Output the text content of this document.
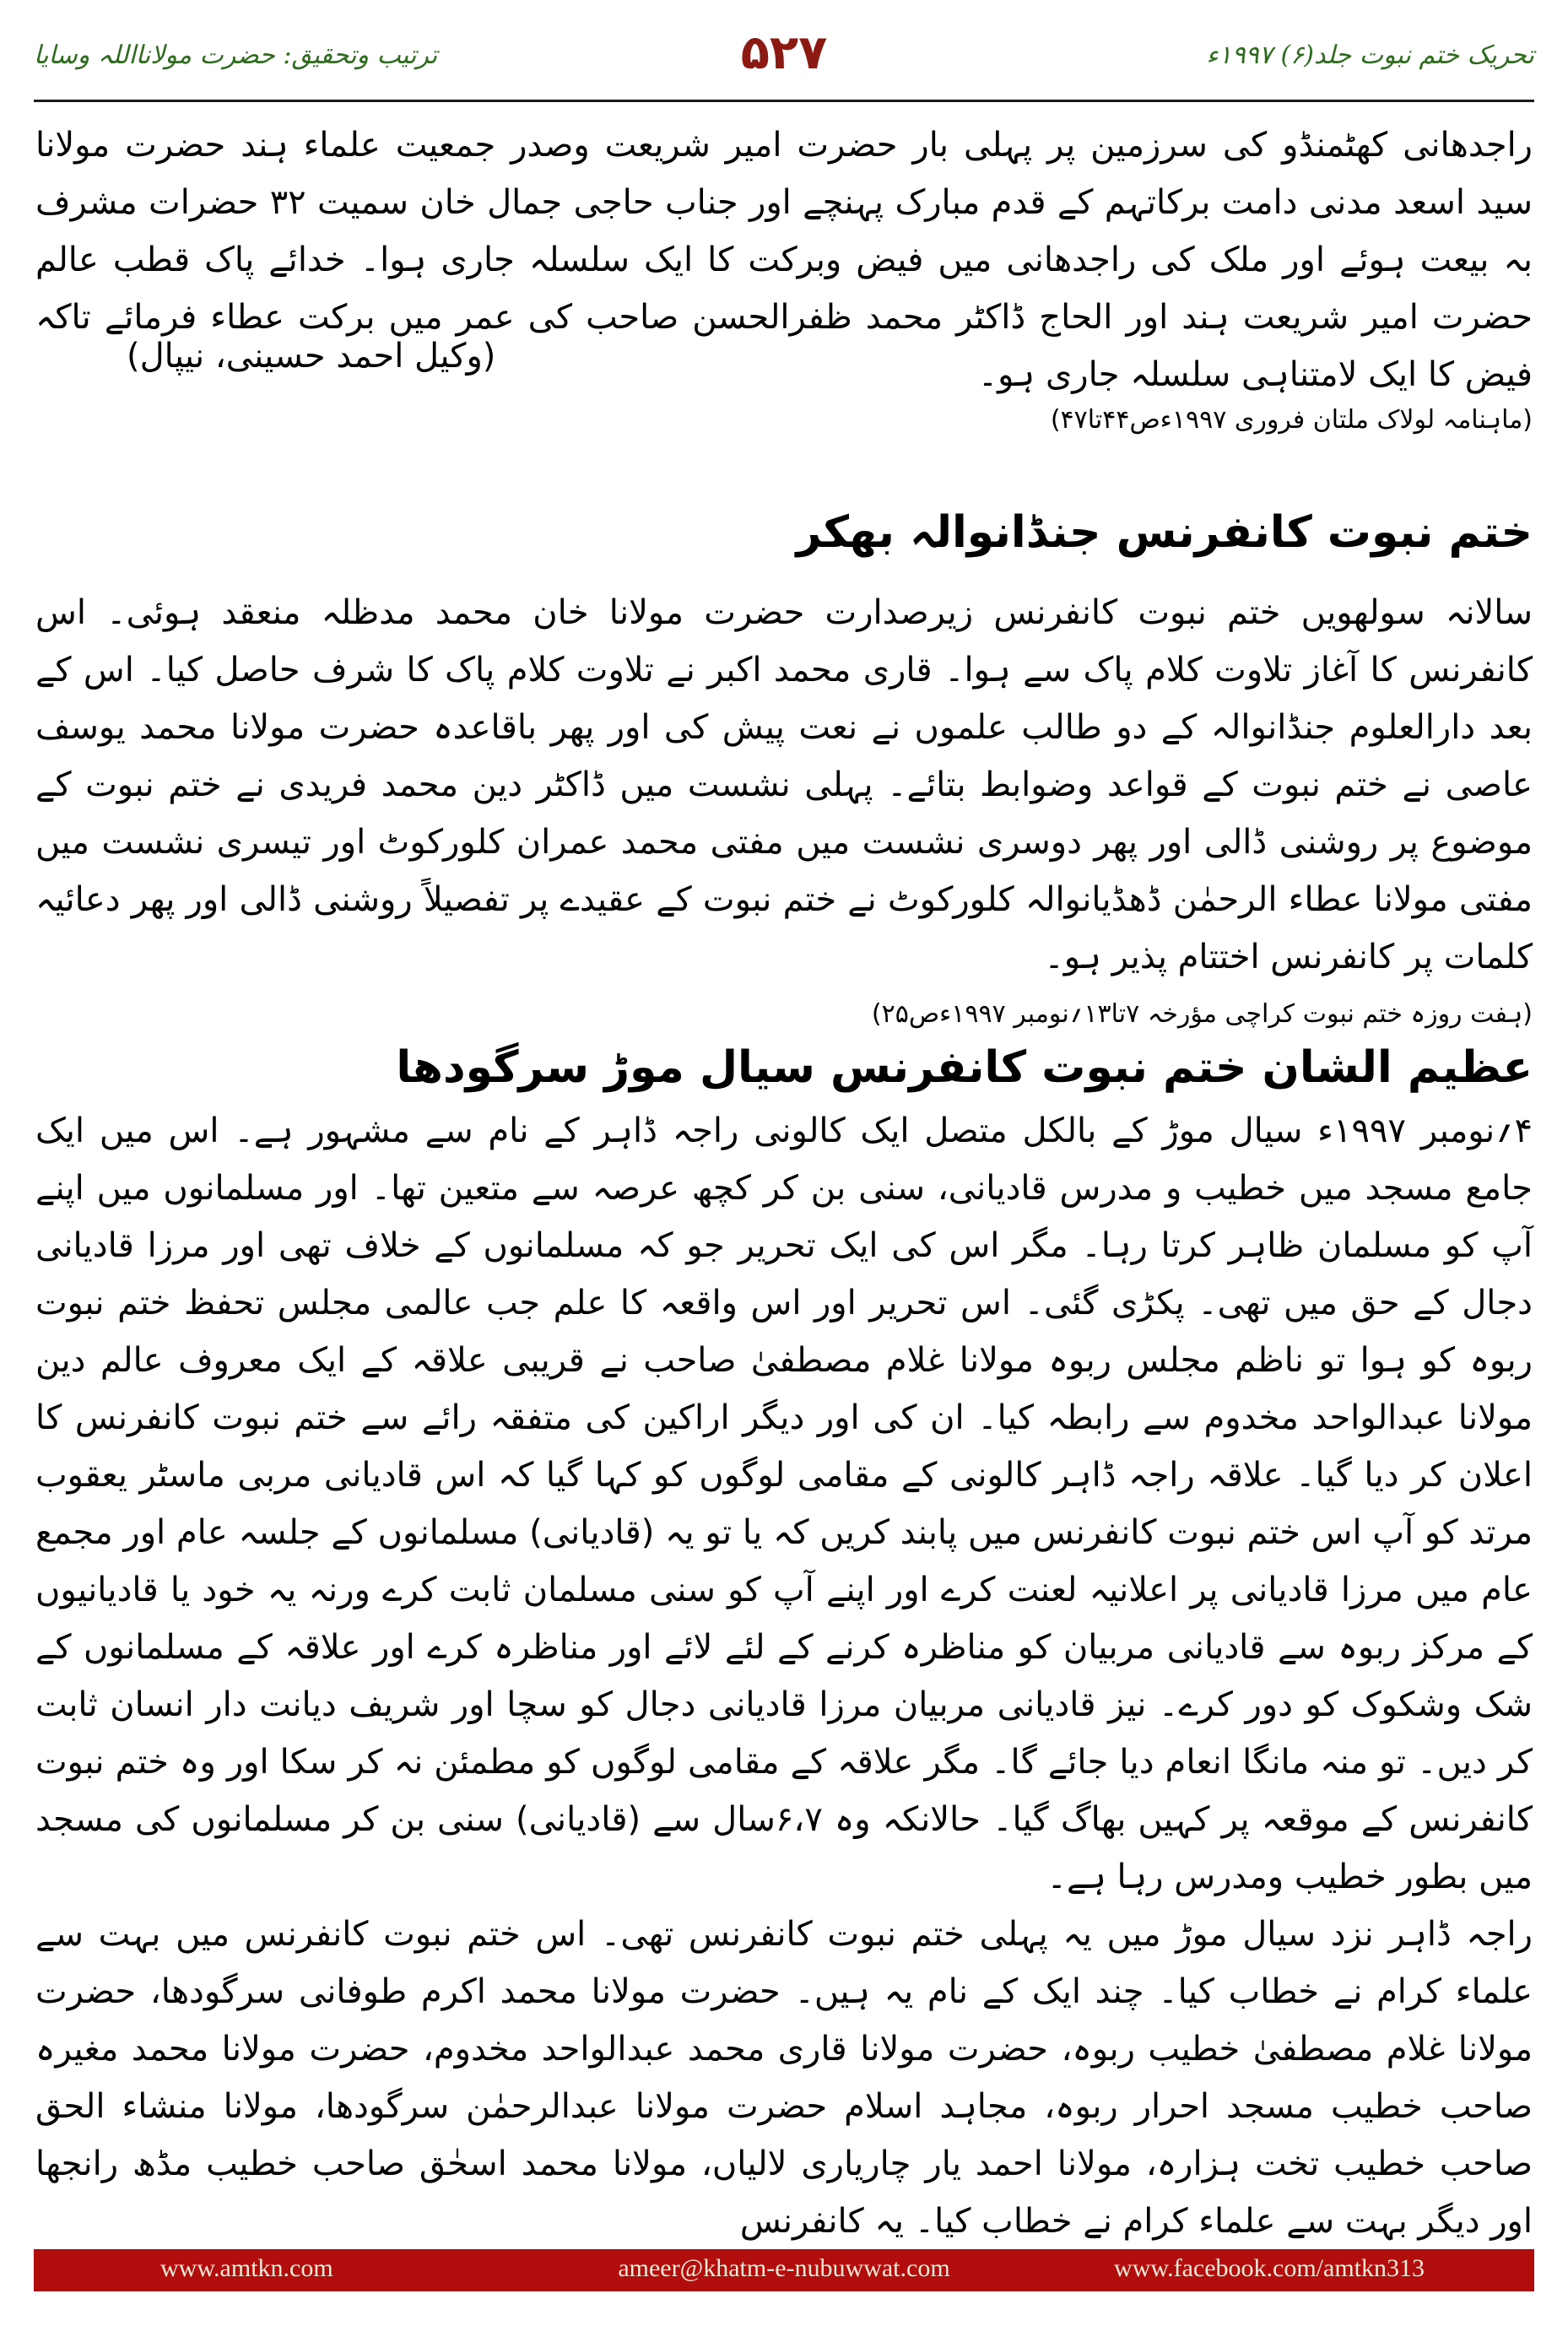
تحریک ختم نبوت جلد(۶) ۱۹۹۷ء
۵۲۷
ترتیب وتحقیق: حضرت مولانااللہ وسایا

راجدھانی کھٹمنڈو کی سرزمین پر پہلی بار حضرت امیر شریعت وصدر جمعیت علماء ہند حضرت مولانا سید اسعد مدنی دامت برکاتہم کے قدم مبارک پہنچے اور جناب حاجی جمال خان سمیت ۳۲ حضرات مشرف بہ بیعت ہوئے اور ملک کی راجدھانی میں فیض وبرکت کا ایک سلسلہ جاری ہوا۔ خدائے پاک قطب عالم حضرت امیر شریعت ہند اور الحاج ڈاکٹر محمد ظفرالحسن صاحب کی عمر میں برکت عطاء فرمائے تاکہ فیض کا ایک لامتناہی سلسلہ جاری ہو۔

(وکیل احمد حسینی، نیپال)
(ماہنامہ لولاک ملتان فروری ۱۹۹۷ءص۴۴تا۴۷)
ختم نبوت کانفرنس جنڈانوالہ بھکر

سالانہ سولھویں ختم نبوت کانفرنس زیرصدارت حضرت مولانا خان محمد مدظلہ منعقد ہوئی۔ اس کانفرنس کا آغاز تلاوت کلام پاک سے ہوا۔ قاری محمد اکبر نے تلاوت کلام پاک کا شرف حاصل کیا۔ اس کے بعد دارالعلوم جنڈانوالہ کے دو طالب علموں نے نعت پیش کی اور پھر باقاعدہ حضرت مولانا محمد یوسف عاصی نے ختم نبوت کے قواعد وضوابط بتائے۔ پہلی نشست میں ڈاکٹر دین محمد فریدی نے ختم نبوت کے موضوع پر روشنی ڈالی اور پھر دوسری نشست میں مفتی محمد عمران کلورکوٹ اور تیسری نشست میں مفتی مولانا عطاء الرحمٰن ڈھڈیانوالہ کلورکوٹ نے ختم نبوت کے عقیدے پر تفصیلاً روشنی ڈالی اور پھر دعائیہ کلمات پر کانفرنس اختتام پذیر ہو۔

(ہفت روزہ ختم نبوت کراچی مؤرخہ ۷تا۱۳؍نومبر ۱۹۹۷ءص۲۵)
عظیم الشان ختم نبوت کانفرنس سیال موڑ سرگودھا

۴؍نومبر ۱۹۹۷ء سیال موڑ کے بالکل متصل ایک کالونی راجہ ڈاہر کے نام سے مشہور ہے۔ اس میں ایک جامع مسجد میں خطیب و مدرس قادیانی، سنی بن کر کچھ عرصہ سے متعین تھا۔ اور مسلمانوں میں اپنے آپ کو مسلمان ظاہر کرتا رہا۔ مگر اس کی ایک تحریر جو کہ مسلمانوں کے خلاف تھی اور مرزا قادیانی دجال کے حق میں تھی۔ پکڑی گئی۔ اس تحریر اور اس واقعہ کا علم جب عالمی مجلس تحفظ ختم نبوت ربوہ کو ہوا تو ناظم مجلس ربوہ مولانا غلام مصطفیٰ صاحب نے قریبی علاقہ کے ایک معروف عالم دین مولانا عبدالواحد مخدوم سے رابطہ کیا۔ ان کی اور دیگر اراکین کی متفقہ رائے سے ختم نبوت کانفرنس کا اعلان کر دیا گیا۔ علاقہ راجہ ڈاہر کالونی کے مقامی لوگوں کو کہا گیا کہ اس قادیانی مربی ماسٹر یعقوب مرتد کو آپ اس ختم نبوت کانفرنس میں پابند کریں کہ یا تو یہ (قادیانی) مسلمانوں کے جلسہ عام اور مجمع عام میں مرزا قادیانی پر اعلانیہ لعنت کرے اور اپنے آپ کو سنی مسلمان ثابت کرے ورنہ یہ خود یا قادیانیوں کے مرکز ربوہ سے قادیانی مربیان کو مناظرہ کرنے کے لئے لائے اور مناظرہ کرے اور علاقہ کے مسلمانوں کے شک وشکوک کو دور کرے۔ نیز قادیانی مربیان مرزا قادیانی دجال کو سچا اور شریف دیانت دار انسان ثابت کر دیں۔ تو منہ مانگا انعام دیا جائے گا۔ مگر علاقہ کے مقامی لوگوں کو مطمئن نہ کر سکا اور وہ ختم نبوت کانفرنس کے موقعہ پر کہیں بھاگ گیا۔ حالانکہ وہ ۶،۷سال سے (قادیانی) سنی بن کر مسلمانوں کی مسجد میں بطور خطیب ومدرس رہا ہے۔

راجہ ڈاہر نزد سیال موڑ میں یہ پہلی ختم نبوت کانفرنس تھی۔ اس ختم نبوت کانفرنس میں بہت سے علماء کرام نے خطاب کیا۔ چند ایک کے نام یہ ہیں۔ حضرت مولانا محمد اکرم طوفانی سرگودھا، حضرت مولانا غلام مصطفیٰ خطیب ربوہ، حضرت مولانا قاری محمد عبدالواحد مخدوم، حضرت مولانا محمد مغیرہ صاحب خطیب مسجد احرار ربوہ، مجاہد اسلام حضرت مولانا عبدالرحمٰن سرگودھا، مولانا منشاء الحق صاحب خطیب تخت ہزارہ، مولانا احمد یار چاریاری لالیاں، مولانا محمد اسحٰق صاحب خطیب مڈھ رانجھا اور دیگر بہت سے علماء کرام نے خطاب کیا۔ یہ کانفرنس

www.amtkn.com	ameer@khatm-e-nubuwwat.com	www.facebook.com/amtkn313
